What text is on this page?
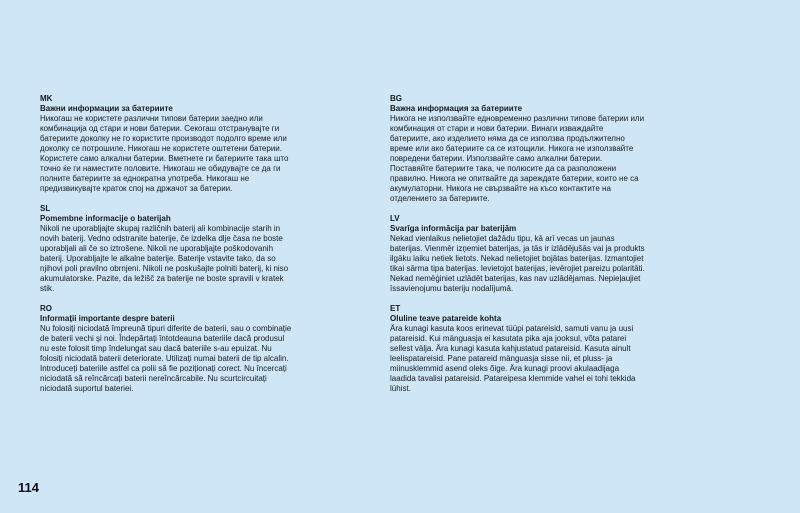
MK
Важни информации за батериите
Никогаш не користете различни типови батерии заедно или комбинација од стари и нови батерии. Секогаш отстранувајте ги батериите доколку не го користите производот подолго време или доколку се потрошиле. Никогаш не користете оштетени батерии. Користете само алкални батерии. Вметнете ги батериите така што точно ќе ги наместите половите. Никогаш не обидувајте се да ги полните батериите за еднократна употреба. Никогаш не предизвикувајте краток спој на држачот за батерии.
SL
Pomembne informacije o baterijah
Nikoli ne uporabljajte skupaj različnih baterij ali kombinacije starih in novih baterij. Vedno odstranite baterije, če izdelka dlje časa ne boste uporabljali ali če so iztrošene. Nikoli ne uporabljajte poškodovanih baterij. Uporabljajte le alkalne baterije. Baterije vstavite tako, da so njihovi poli pravilno obrnjeni. Nikoli ne poskušajte polniti baterij, ki niso akumulatorske. Pazite, da ležišč za baterije ne boste spravili v kratek stik.
RO
Informații importante despre baterii
Nu folosiți niciodată împreună tipuri diferite de baterii, sau o combinație de baterii vechi și noi. Îndepărtați întotdeauna bateriile dacă produsul nu este folosit timp îndelungat sau dacă bateriile s-au epuizat. Nu folosiți niciodată baterii deteriorate. Utilizați numai baterii de tip alcalin. Introduceți bateriile astfel ca polii să fie poziționați corect. Nu încercați niciodată să reîncărcați baterii nereîncărcabile. Nu scurtcircuitați niciodată suportul bateriei.
BG
Важна информация за батериите
Никога не използвайте едновременно различни типове батерии или комбинация от стари и нови батерии. Винаги изваждайте батериите, ако изделието няма да се използва продължително време или ако батериите са се изтощили. Никога не използвайте повредени батерии. Използвайте само алкални батерии. Поставяйте батериите така, че полюсите да са разположени правилно. Никога не опитвайте да зареждате батерии, които не са акумулаторни. Никога не свързвайте на късо контактите на отделението за батериите.
LV
Svarīga informācija par baterijām
Nekad vienlaikus nelietojiet dažādu tipu, kā arī vecas un jaunas baterijas. Vienmēr izņemiet baterijas, ja tās ir izlādējušās vai ja produkts ilgāku laiku netiek lietots. Nekad nelietojiet bojātas baterijas. Izmantojiet tikai sārma tipa baterijas. Ievietojot baterijas, ievērojiet pareizu polaritāti. Nekad nemēģiniet uzlādēt baterijas, kas nav uzlādējamas. Nepieļaujiet īssavienojumu bateriju nodalījumā.
ET
Oluline teave patareide kohta
Ära kunagi kasuta koos erinevat tüüpi patareisid, samuti vanu ja uusi patareisid. Kui mänguasja ei kasutata pika aja jooksul, võta patarei sellest välja. Ära kunagi kasuta kahjustatud patareisid. Kasuta ainult leelispatareisid. Pane patareid mänguasja sisse nii, et pluss- ja miinusklemmid asend oleks õige. Ära kunagi proovi akulaadijaga laadida tavalisi patareisid. Patareipesa klemmide vahel ei tohi tekkida lühist.
114
